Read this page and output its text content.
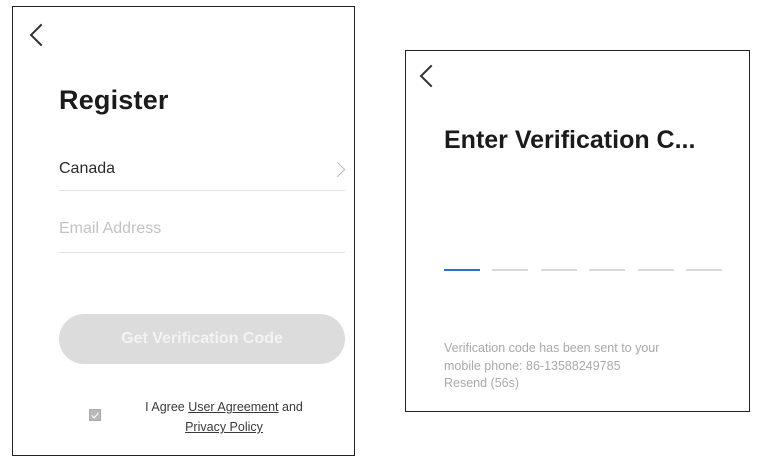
Register
Canada
Email Address
Get Verification Code
I Agree User Agreement and
Privacy Policy
Enter Verification C...
Verification code has been sent to your
mobile phone: 86-13588249785
Resend (56s)
